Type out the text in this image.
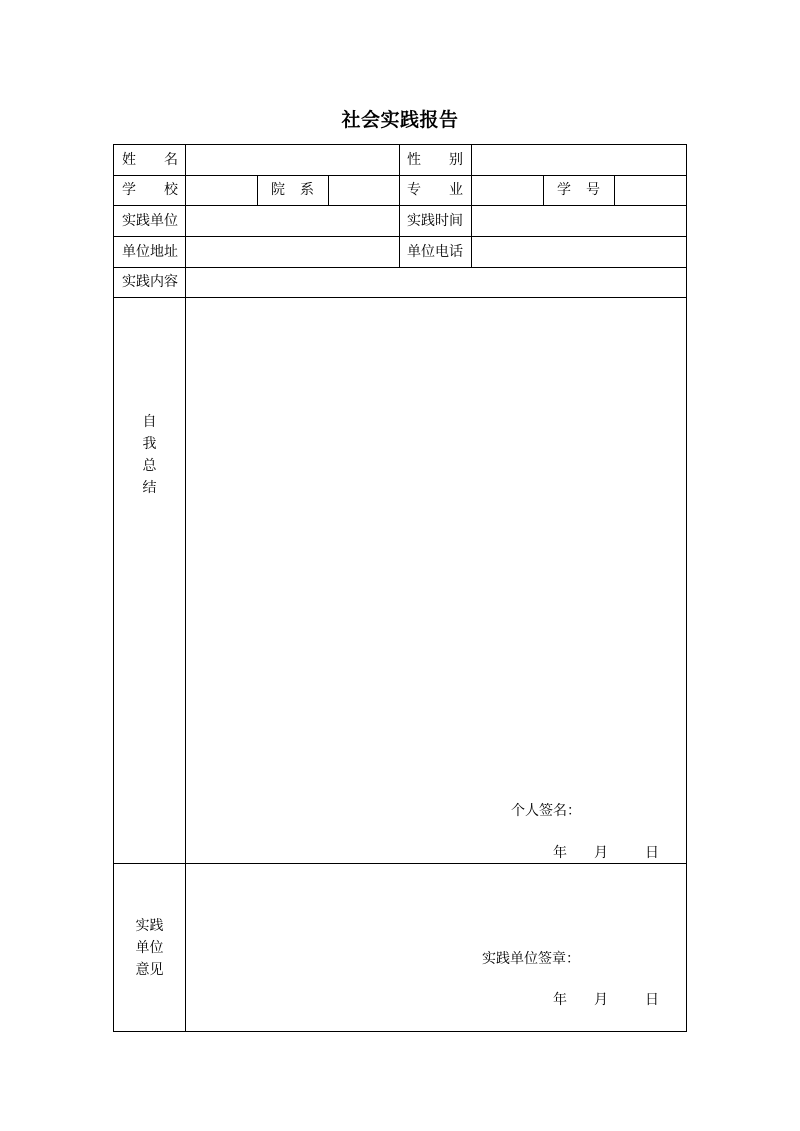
社会实践报告
姓 名	性 别
学 校	院 系	专 业	学 号
实践单位	实践时间
单位地址	单位电话
实践内容
自
我
总
结
个人签名：
年 月	日
实践
单位
意见
实践单位签章：
年 月	日
